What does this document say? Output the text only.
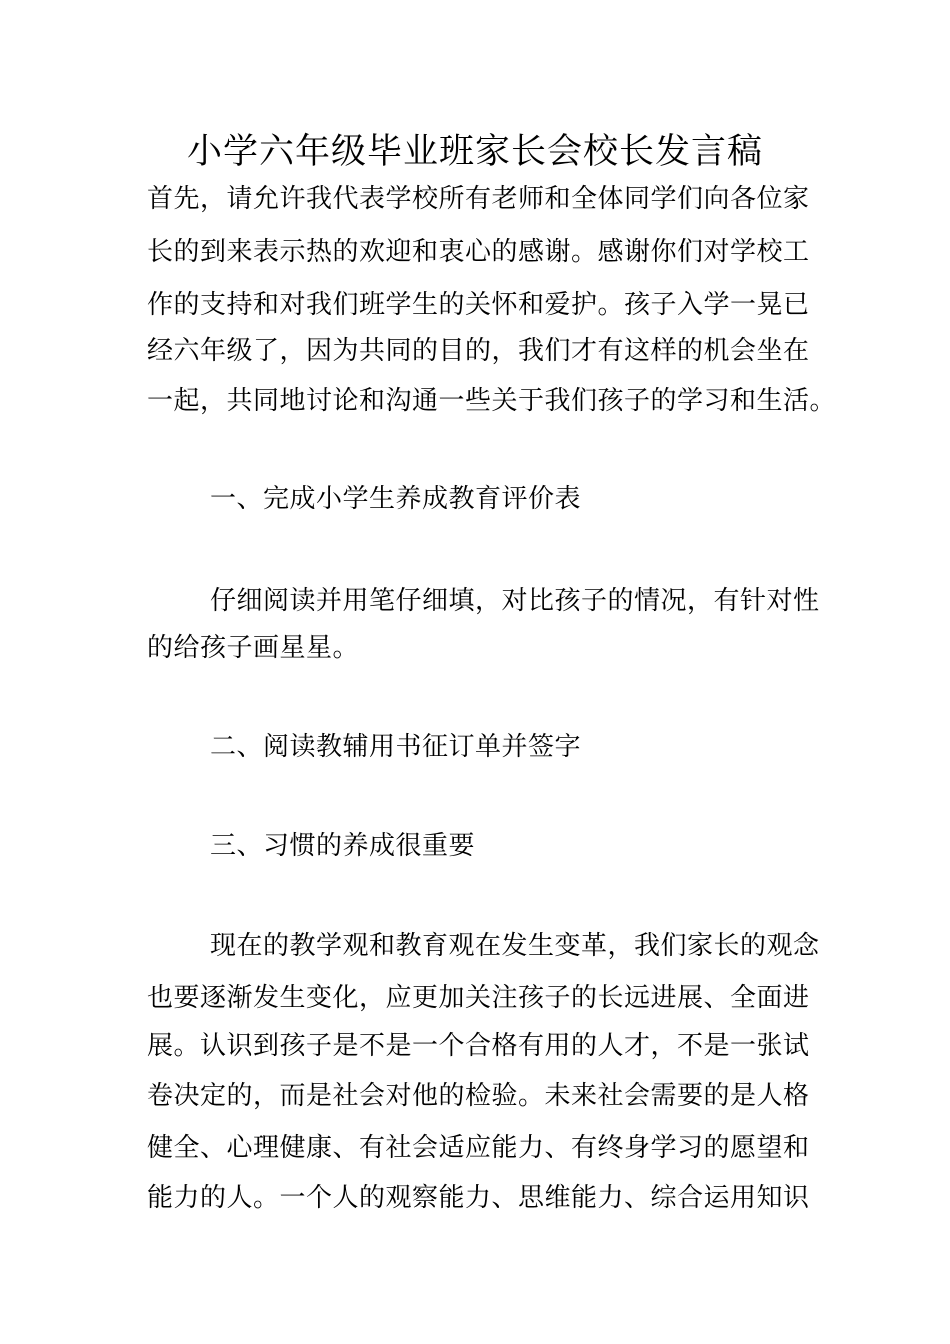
小学六年级毕业班家长会校长发言稿
首先，请允许我代表学校所有老师和全体同学们向各位家
长的到来表示热的欢迎和衷心的感谢。感谢你们对学校工
作的支持和对我们班学生的关怀和爱护。孩子入学一晃已
经六年级了，因为共同的目的，我们才有这样的机会坐在
一起，共同地讨论和沟通一些关于我们孩子的学习和生活。
一、完成小学生养成教育评价表
仔细阅读并用笔仔细填，对比孩子的情况，有针对性
的给孩子画星星。
二、阅读教辅用书征订单并签字
三、习惯的养成很重要
现在的教学观和教育观在发生变革，我们家长的观念
也要逐渐发生变化，应更加关注孩子的长远进展、全面进
展。认识到孩子是不是一个合格有用的人才，不是一张试
卷决定的，而是社会对他的检验。未来社会需要的是人格
健全、心理健康、有社会适应能力、有终身学习的愿望和
能力的人。一个人的观察能力、思维能力、综合运用知识
